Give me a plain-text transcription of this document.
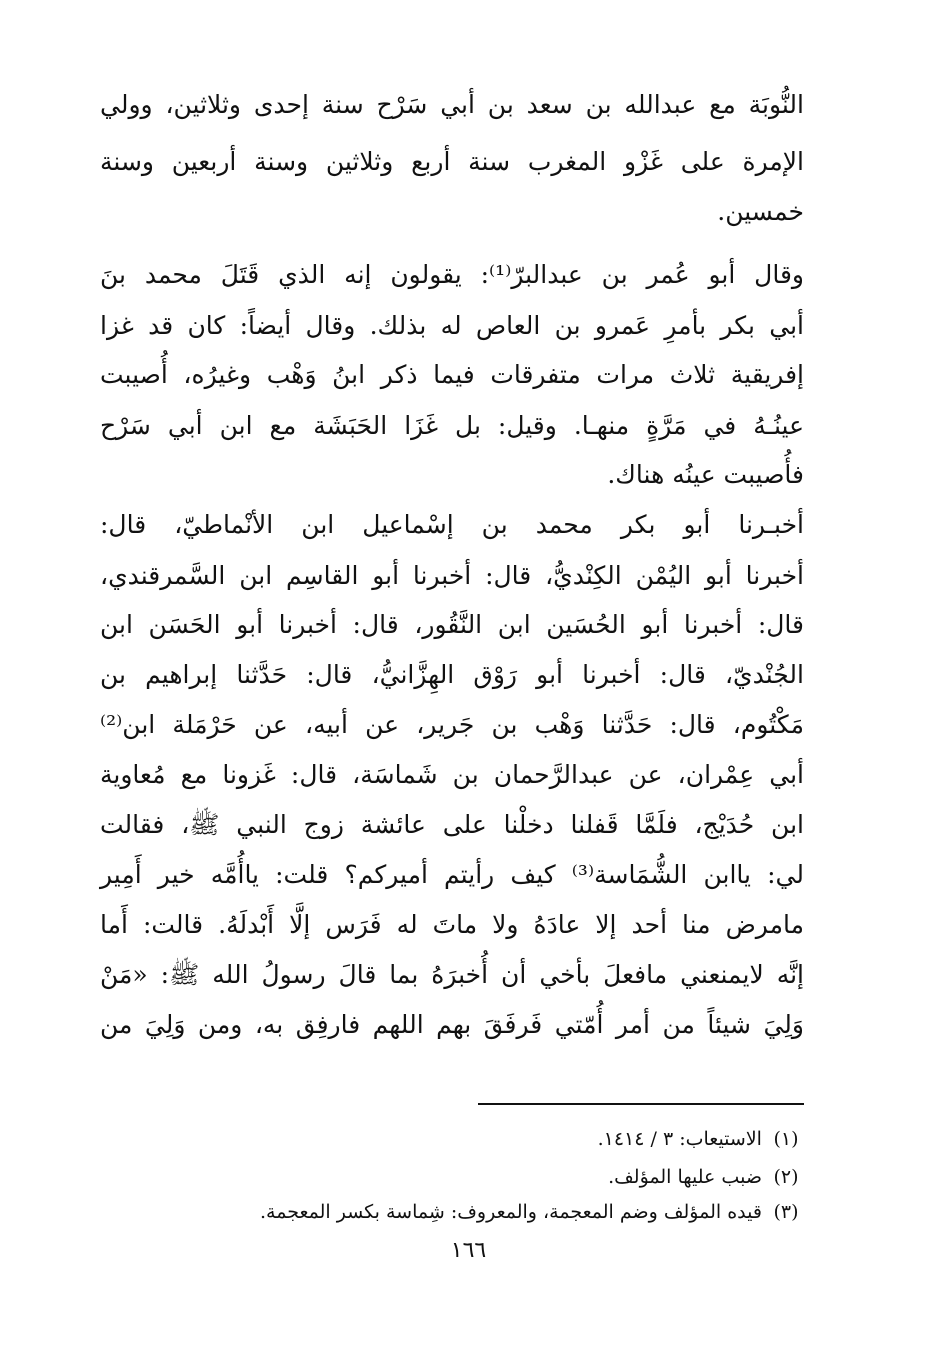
النُّوبَة مع عبدالله بن سعد بن أبي سَرْح سنة إحدى وثلاثين، وولي
الإمرة على غَزْو المغرب سنة أربع وثلاثين وسنة أربعين وسنة
خمسين.
وقال أبو عُمر بن عبدالبرّ⁽¹⁾: يقولون إنه الذي قَتَلَ محمد بنَ
أبي بكر بأمرِ عَمرو بن العاص له بذلك. وقال أيضاً: كان قد غزا
إفريقية ثلاث مرات متفرقات فيما ذكر ابنُ وَهْب وغيرُه، أُصيبت
عينُـهُ في مَرَّةٍ منهـا. وقيل: بل غَزَا الحَبَشَة مع ابن أبي سَرْح
فأُصيبت عينُه هناك.
أخبـرنا أبو بكر محمد بن إسْماعيل ابن الأنْماطيّ، قال:
أخبرنا أبو اليُمْن الكِنْديُّ، قال: أخبرنا أبو القاسِم ابن السَّمرقندي،
قال: أخبرنا أبو الحُسَين ابن النَّقُور، قال: أخبرنا أبو الحَسَن ابن
الجُنْديّ، قال: أخبرنا أبو رَوْق الهِزَّانيُّ، قال: حَدَّثنا إبراهيم بن
مَكْتُوم، قال: حَدَّثنا وَهْب بن جَرير، عن أبيه، عن حَرْمَلة ابن⁽²⁾
أبي عِمْران، عن عبدالرَّحمان بن شَماسَة، قال: غَزونا مع مُعاوية
ابن حُدَيْج، فلَمَّا قَفلنا دخلْنا على عائشة زوج النبي ﷺ، فقالت
لي: ياابن الشُّمَاسة⁽³⁾ كيف رأيتم أميركم؟ قلت: ياأُمَّه خير أَمِير
مامرض منا أحد إلا عادَهُ ولا ماتَ له فَرَس إلَّا أَبْدلَهُ. قالت: أَما
إنَّه لايمنعني مافعلَ بأخي أن أُخبرَهُ بما قالَ رسولُ الله ﷺ: «مَنْ
وَلِيَ شيئاً من أمر أُمّتي فَرفَقَ بهم اللهم فارفِق به، ومن وَلِيَ من
(١) الاستيعاب: ٣ / ١٤١٤.
(٢) ضبب عليها المؤلف.
(٣) قيده المؤلف وضم المعجمة، والمعروف: شِماسة بكسر المعجمة.
١٦٦
